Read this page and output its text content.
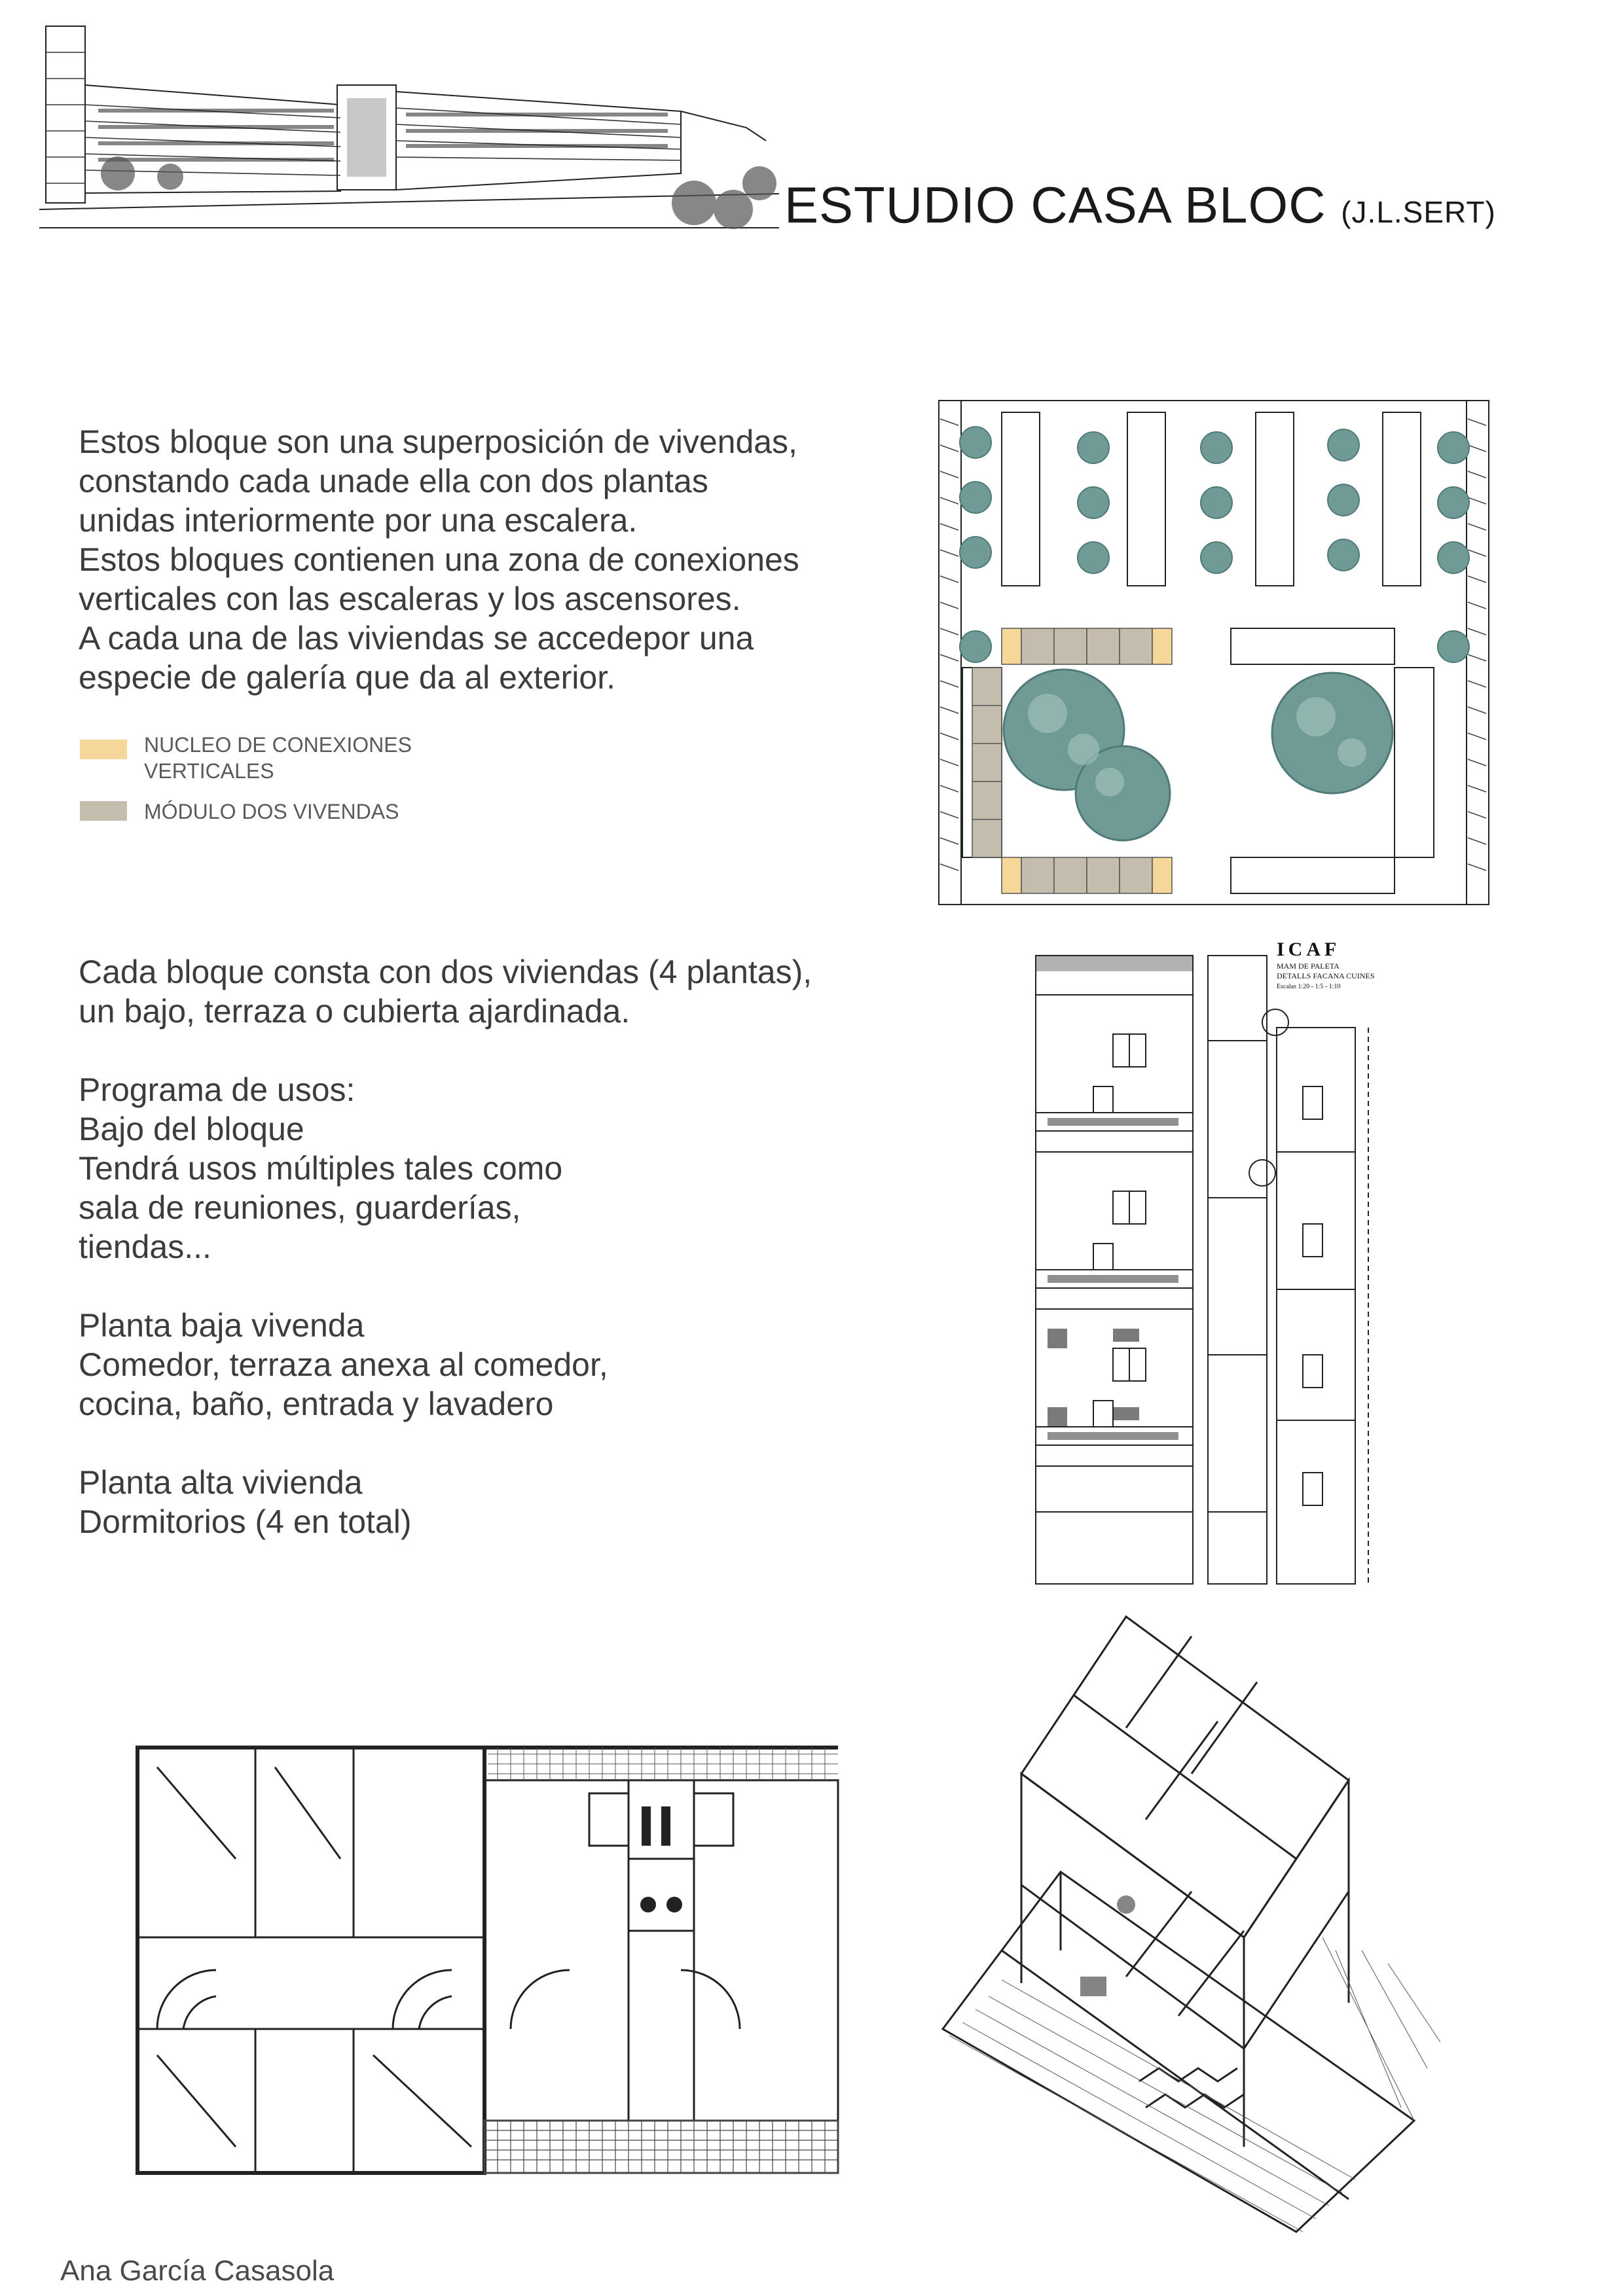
ESTUDIO CASA BLOC (J.L.SERT)
Estos bloque son una superposición de vivendas,
constando cada unade ella con dos plantas
unidas interiormente por una escalera.
Estos bloques contienen una zona de conexiones
verticales con las escaleras y los ascensores.
A cada una de las viviendas se accedepor una
especie de galería que da al exterior.
NUCLEO DE CONEXIONES
VERTICALES
MÓDULO DOS VIVENDAS
Cada bloque consta con dos viviendas (4 plantas),
un bajo, terraza o cubierta ajardinada.
Programa de usos:
Bajo del bloque
Tendrá usos múltiples tales como
sala de reuniones, guarderías,
tiendas...
Planta baja vivenda
Comedor, terraza anexa al comedor,
cocina, baño, entrada y lavadero
Planta alta vivienda
Dormitorios (4 en total)
ICAF
MAM DE PALETA
DETALLS FACANA CUINES
Escalas 1:20 - 1:5 - 1:10
Ana García Casasola
